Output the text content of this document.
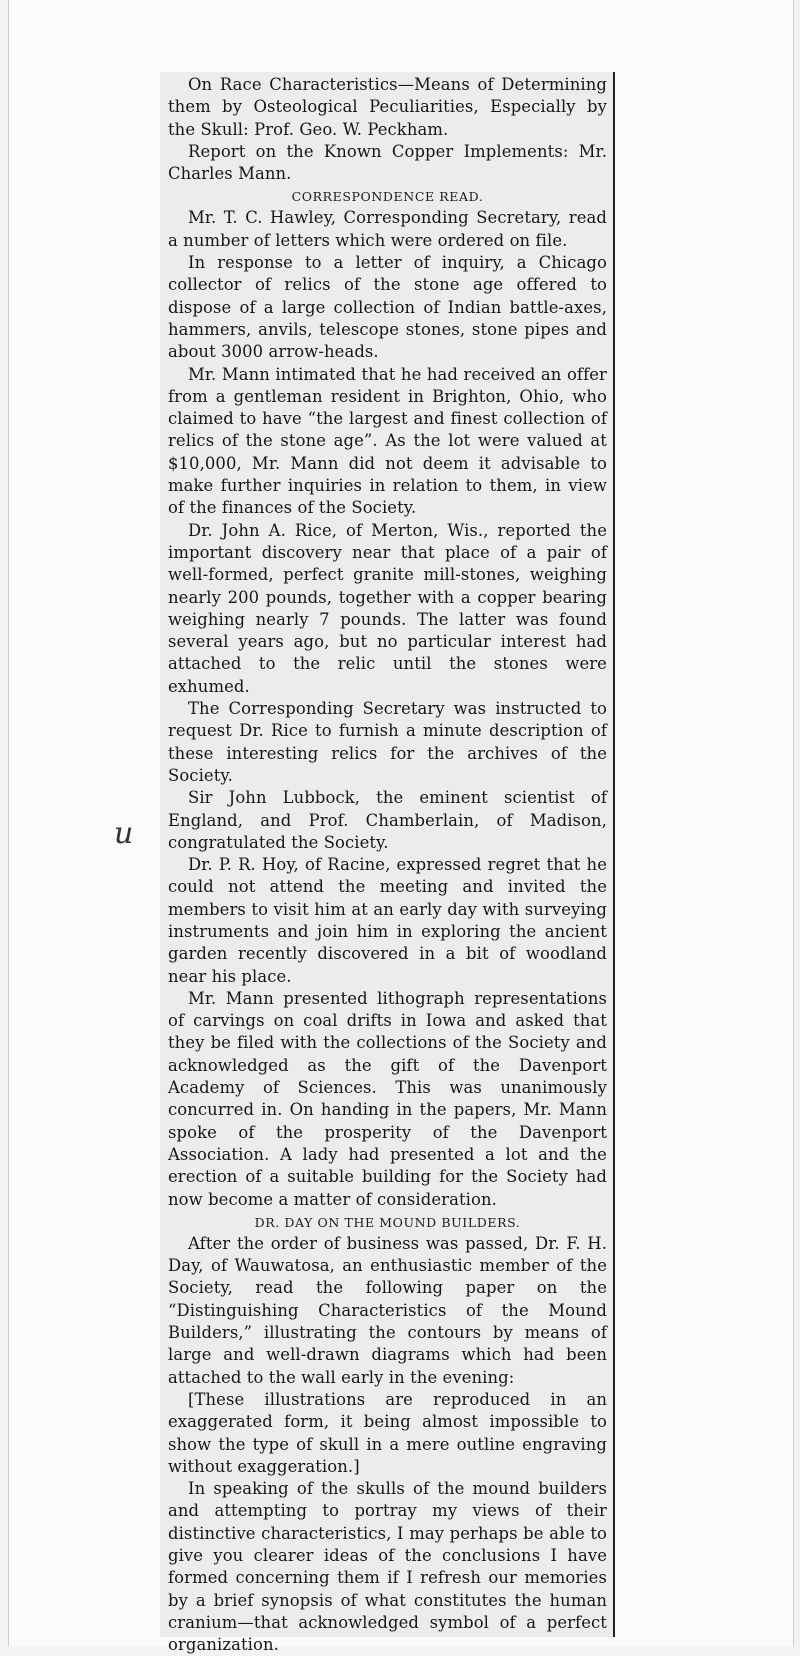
u

On Race Characteristics—Means of Determining them by Osteological Peculiarities, Especially by the Skull: Prof. Geo. W. Peckham.

Report on the Known Copper Implements: Mr. Charles Mann.

CORRESPONDENCE READ.

Mr. T. C. Hawley, Corresponding Secretary, read a number of letters which were ordered on file.

In response to a letter of inquiry, a Chicago collector of relics of the stone age offered to dispose of a large collection of Indian battle-axes, hammers, anvils, telescope stones, stone pipes and about 3000 arrow-heads.

Mr. Mann intimated that he had received an offer from a gentleman resident in Brighton, Ohio, who claimed to have “the largest and finest collection of relics of the stone age”. As the lot were valued at $10,000, Mr. Mann did not deem it advisable to make further inquiries in relation to them, in view of the finances of the Society.

Dr. John A. Rice, of Merton, Wis., reported the important discovery near that place of a pair of well-formed, perfect granite mill-stones, weighing nearly 200 pounds, together with a copper bearing weighing nearly 7 pounds. The latter was found several years ago, but no particular interest had attached to the relic until the stones were exhumed.

The Corresponding Secretary was instructed to request Dr. Rice to furnish a minute description of these interesting relics for the archives of the Society.

Sir John Lubbock, the eminent scientist of England, and Prof. Chamberlain, of Madison, congratulated the Society.

Dr. P. R. Hoy, of Racine, expressed regret that he could not attend the meeting and invited the members to visit him at an early day with surveying instruments and join him in exploring the ancient garden recently discovered in a bit of woodland near his place.

Mr. Mann presented lithograph representations of carvings on coal drifts in Iowa and asked that they be filed with the collections of the Society and acknowledged as the gift of the Davenport Academy of Sciences. This was unanimously concurred in. On handing in the papers, Mr. Mann spoke of the prosperity of the Davenport Association. A lady had presented a lot and the erection of a suitable building for the Society had now become a matter of consideration.

DR. DAY ON THE MOUND BUILDERS.

After the order of business was passed, Dr. F. H. Day, of Wauwatosa, an enthusiastic member of the Society, read the following paper on the “Distinguishing Characteristics of the Mound Builders,” illustrating the contours by means of large and well-drawn diagrams which had been attached to the wall early in the evening:

[These illustrations are reproduced in an exaggerated form, it being almost impossible to show the type of skull in a mere outline engraving without exaggeration.]

In speaking of the skulls of the mound builders and attempting to portray my views of their distinctive characteristics, I may perhaps be able to give you clearer ideas of the conclusions I have formed concerning them if I refresh our memories by a brief synopsis of what constitutes the human cranium—that acknowledged symbol of a perfect organization.
